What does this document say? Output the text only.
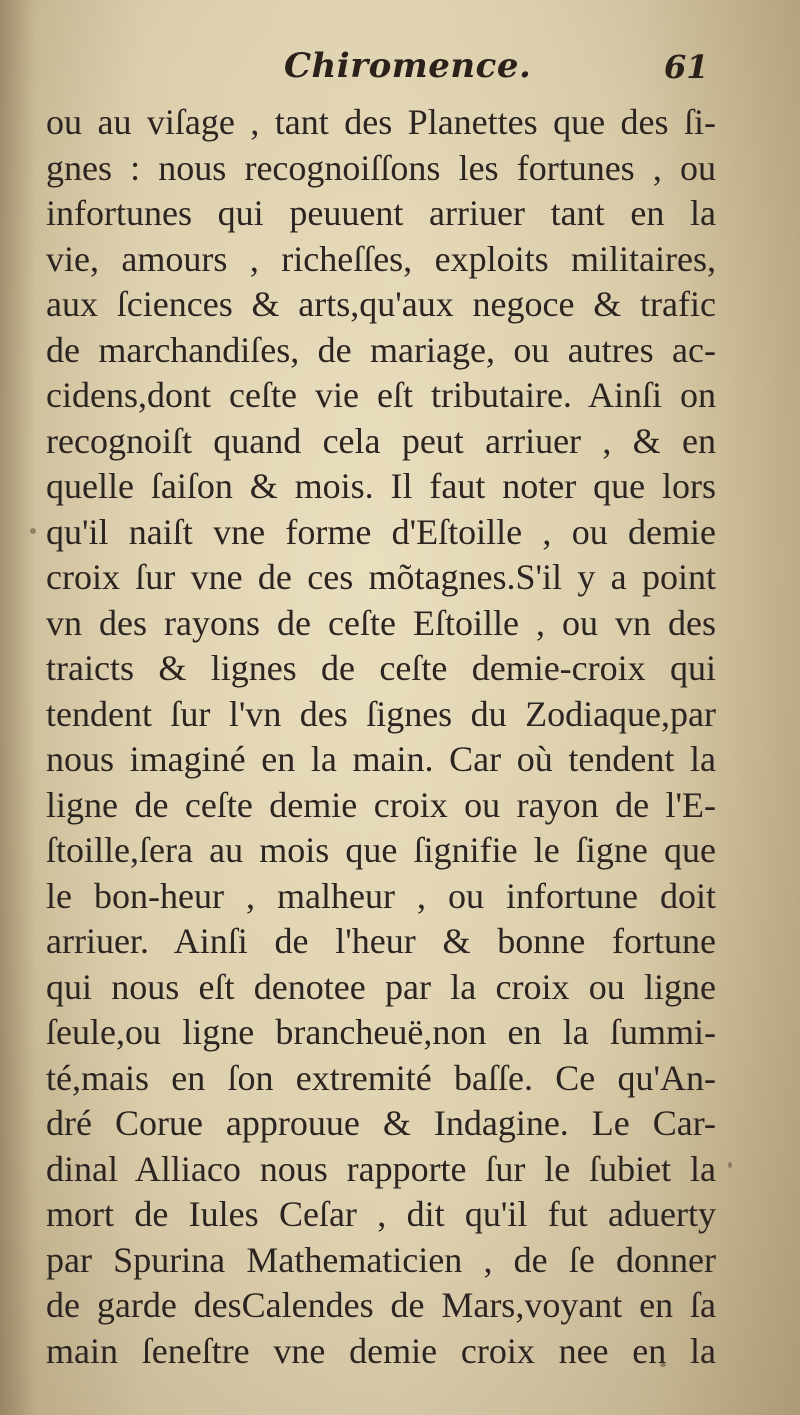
Chiromence.	61
ou au viſage , tant des Planettes que des ſi-
gnes : nous recognoiſſons les fortunes , ou
infortunes qui peuuent arriuer tant en la
vie, amours , richeſſes, exploits militaires,
aux ſciences & arts,qu'aux negoce & trafic
de marchandiſes, de mariage, ou autres ac-
cidens,dont ceſte vie eſt tributaire. Ainſi on
recognoiſt quand cela peut arriuer , & en
quelle ſaiſon & mois. Il faut noter que lors
qu'il naiſt vne forme d'Eſtoille , ou demie
croix ſur vne de ces mõtagnes.S'il y a point
vn des rayons de ceſte Eſtoille , ou vn des
traicts & lignes de ceſte demie-croix qui
tendent ſur l'vn des ſignes du Zodiaque,par
nous imaginé en la main. Car où tendent la
ligne de ceſte demie croix ou rayon de l'E-
ſtoille,ſera au mois que ſignifie le ſigne que
le bon-heur , malheur , ou infortune doit
arriuer. Ainſi de l'heur & bonne fortune
qui nous eſt denotee par la croix ou ligne
ſeule,ou ligne brancheuë,non en la ſummi-
té,mais en ſon extremité baſſe. Ce qu'An-
dré Corue approuue & Indagine. Le Car-
dinal Alliaco nous rapporte ſur le ſubiet la
mort de Iules Ceſar , dit qu'il fut aduerty
par Spurina Mathematicien , de ſe donner
de garde desCalendes de Mars,voyant en ſa
main ſeneſtre vne demie croix nee en la
